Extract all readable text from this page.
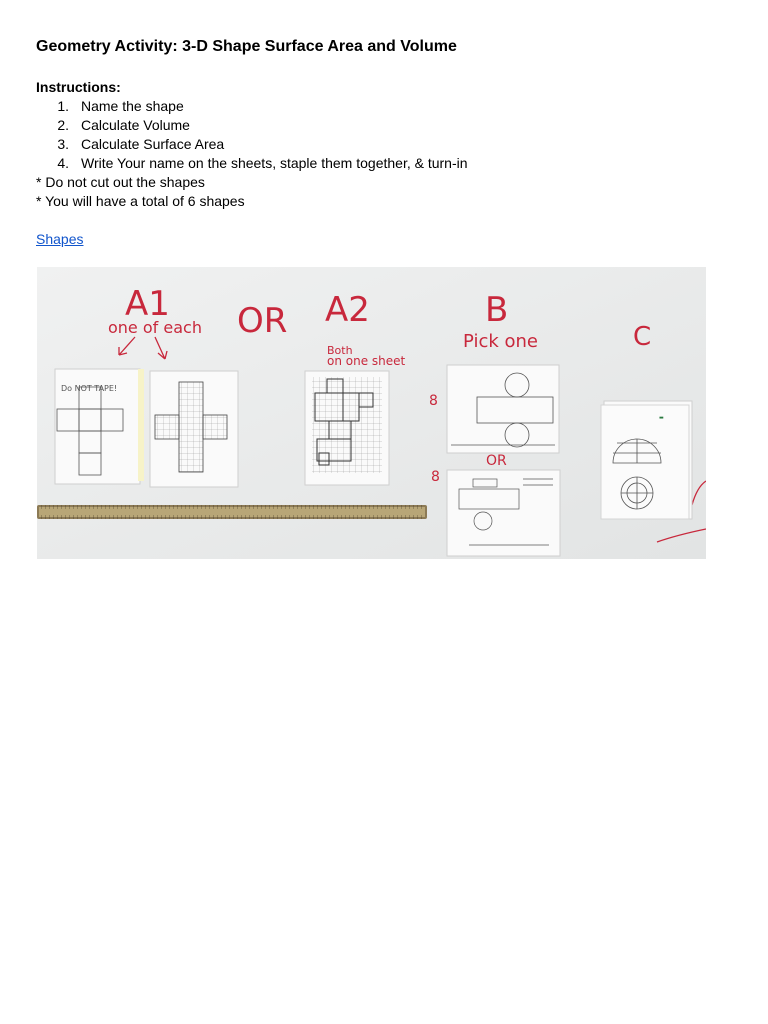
Geometry Activity: 3-D Shape Surface Area and Volume
Instructions:
1. Name the shape
2. Calculate Volume
3. Calculate Surface Area
4. Write Your name on the sheets, staple them together, & turn-in
* Do not cut out the shapes
* You will have a total of 6 shapes
Shapes
A1
one of each OR A2
Both
on one sheet
B
Pick one	C
OR
8
8
Do NOT TAPE!
▬
